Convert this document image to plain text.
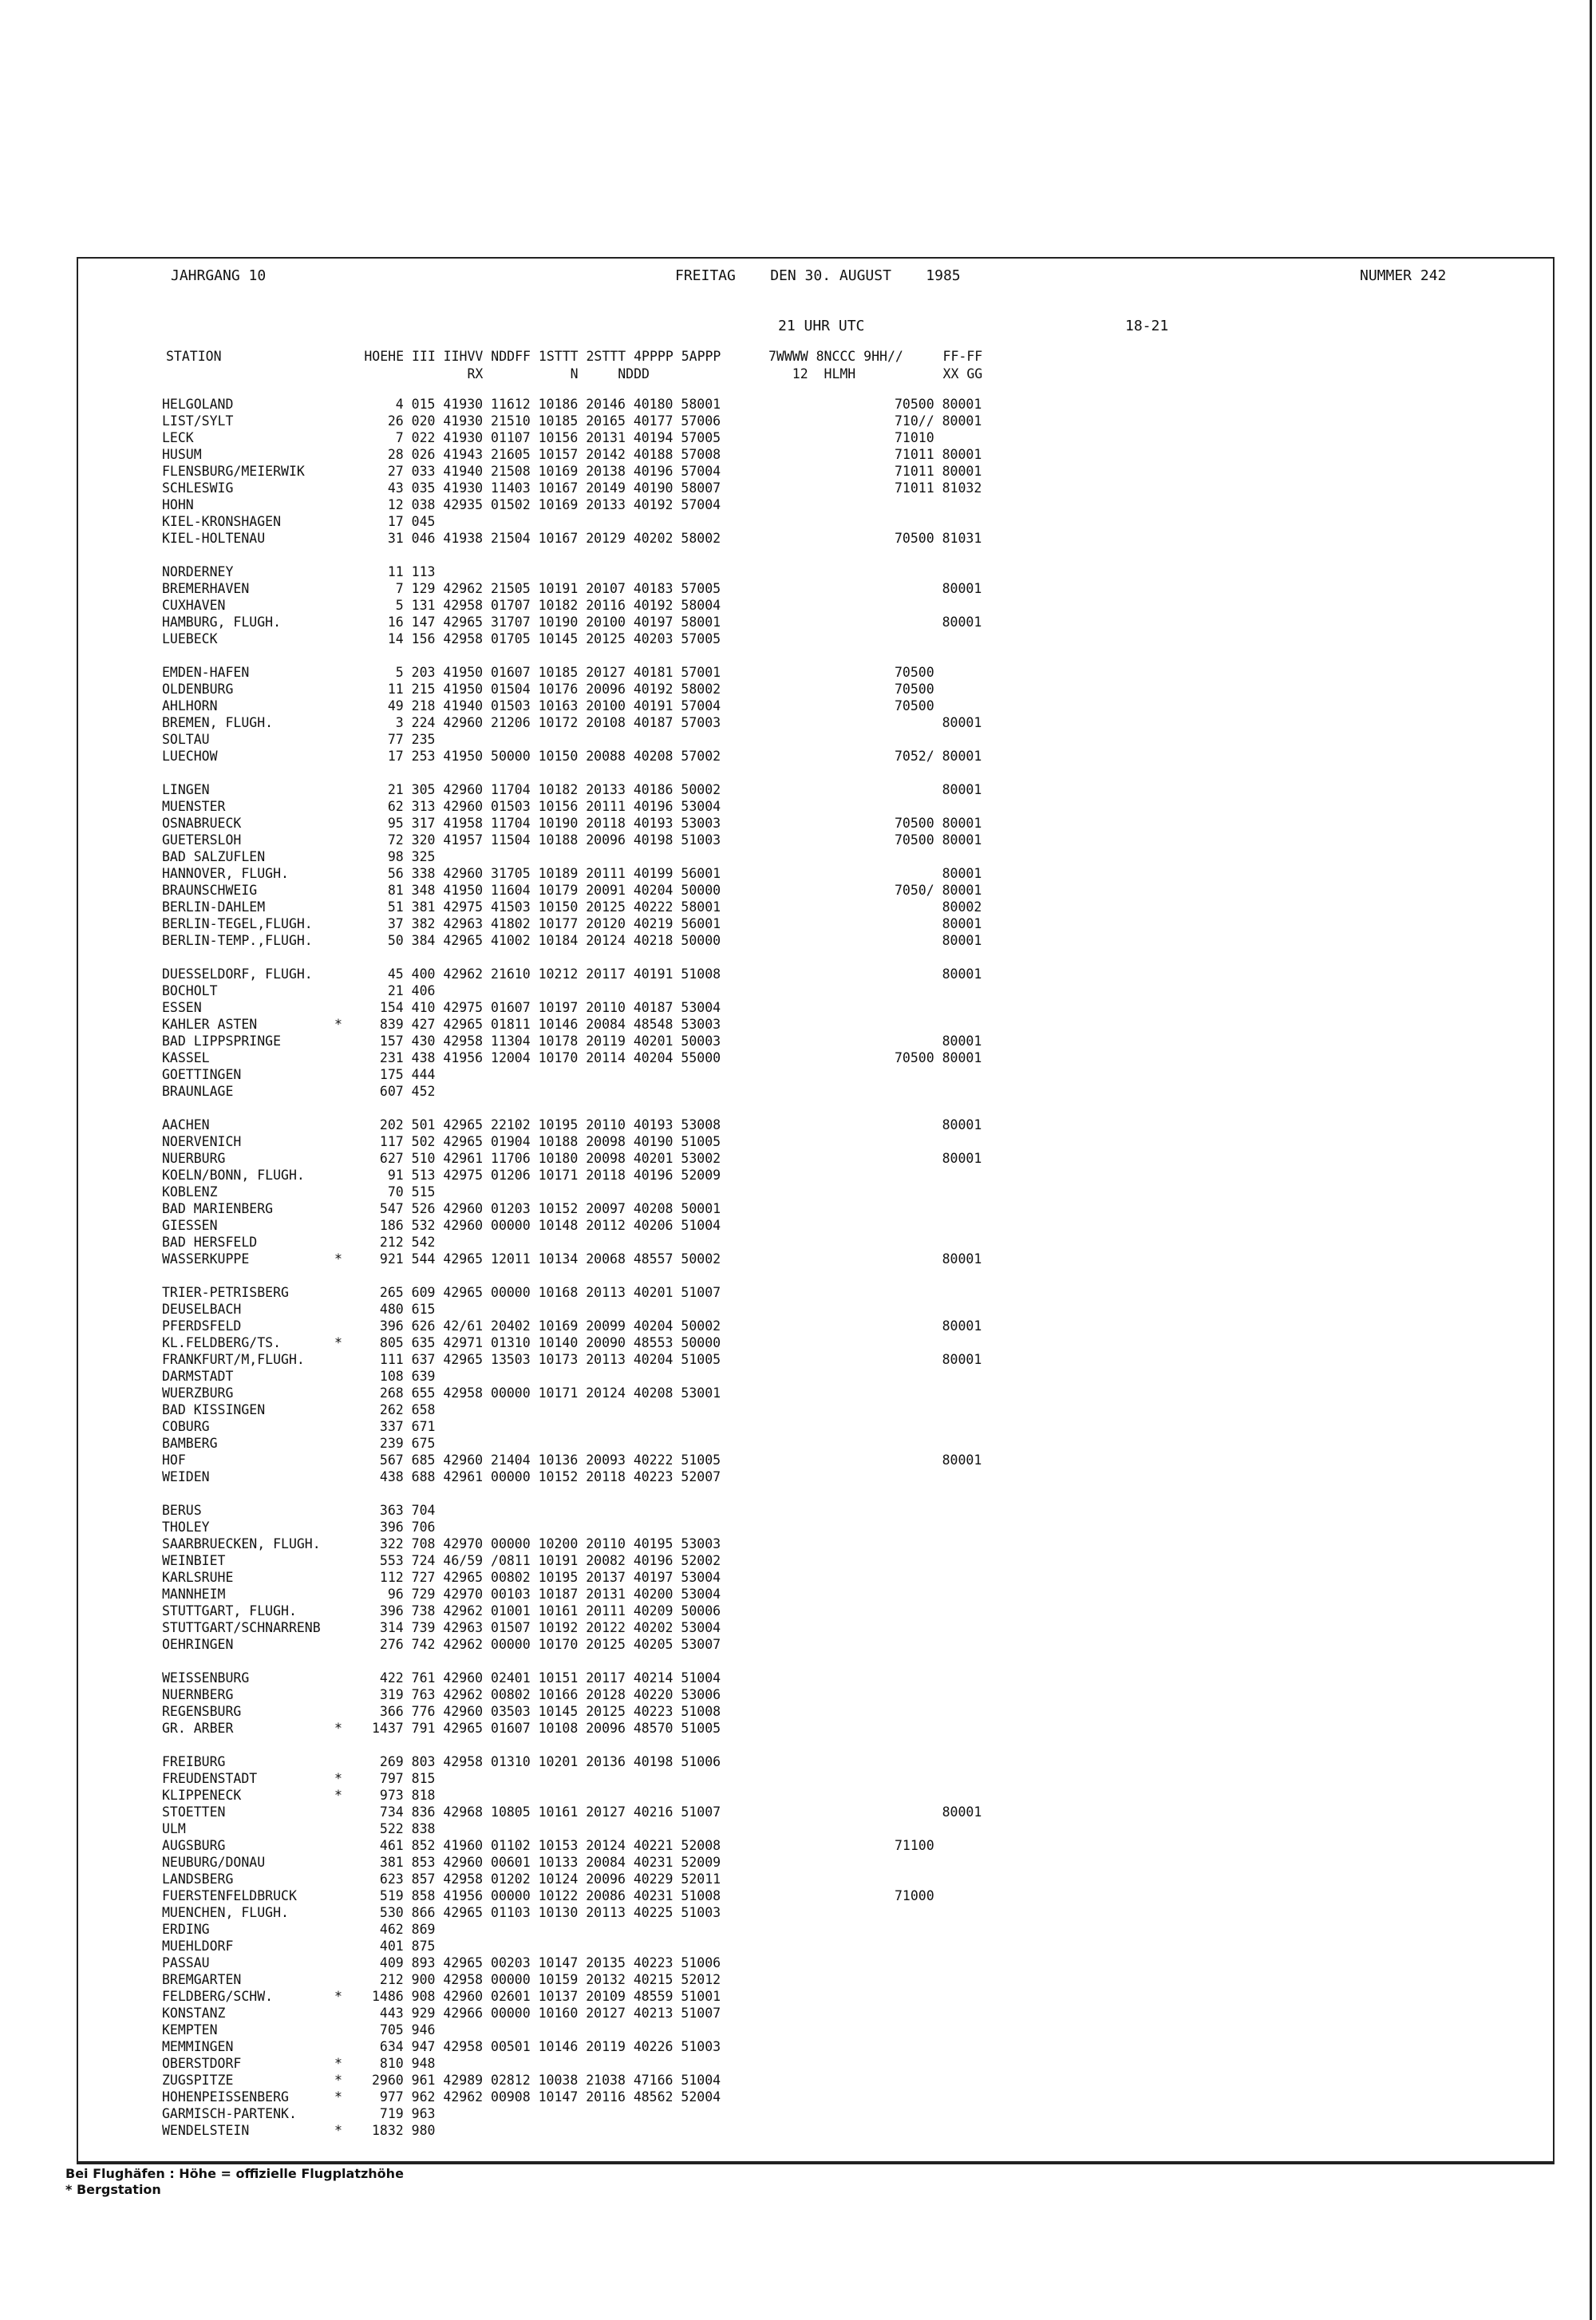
JAHRGANG 10	FREITAG    DEN 30. AUGUST    1985	NUMMER 242
21 UHR UTC	18-21
STATION                  HOEHE III IIHVV NDDFF 1STTT 2STTT 4PPPP 5APPP      7WWWW 8NCCC 9HH//     FF-FF
RX           N     NDDD                  12  HLMH           XX GG
HELGOLAND	4 015 41930 11612 10186 20146 40180 58001	70500 80001
LIST/SYLT	26 020 41930 21510 10185 20165 40177 57006	710// 80001
LECK	7 022 41930 01107 10156 20131 40194 57005	71010
HUSUM	28 026 41943 21605 10157 20142 40188 57008	71011 80001
FLENSBURG/MEIERWIK	27 033 41940 21508 10169 20138 40196 57004	71011 80001
SCHLESWIG	43 035 41930 11403 10167 20149 40190 58007	71011 81032
HOHN	12 038 42935 01502 10169 20133 40192 57004
KIEL-KRONSHAGEN	17 045
KIEL-HOLTENAU	31 046 41938 21504 10167 20129 40202 58002	70500 81031
NORDERNEY	11 113
BREMERHAVEN	7 129 42962 21505 10191 20107 40183 57005	80001
CUXHAVEN	5 131 42958 01707 10182 20116 40192 58004
HAMBURG, FLUGH.	16 147 42965 31707 10190 20100 40197 58001	80001
LUEBECK	14 156 42958 01705 10145 20125 40203 57005
EMDEN-HAFEN	5 203 41950 01607 10185 20127 40181 57001	70500
OLDENBURG	11 215 41950 01504 10176 20096 40192 58002	70500
AHLHORN	49 218 41940 01503 10163 20100 40191 57004	70500
BREMEN, FLUGH.	3 224 42960 21206 10172 20108 40187 57003	80001
SOLTAU	77 235
LUECHOW	17 253 41950 50000 10150 20088 40208 57002	7052/ 80001
LINGEN	21 305 42960 11704 10182 20133 40186 50002	80001
MUENSTER	62 313 42960 01503 10156 20111 40196 53004
OSNABRUECK	95 317 41958 11704 10190 20118 40193 53003	70500 80001
GUETERSLOH	72 320 41957 11504 10188 20096 40198 51003	70500 80001
BAD SALZUFLEN	98 325
HANNOVER, FLUGH.	56 338 42960 31705 10189 20111 40199 56001	80001
BRAUNSCHWEIG	81 348 41950 11604 10179 20091 40204 50000	7050/ 80001
BERLIN-DAHLEM	51 381 42975 41503 10150 20125 40222 58001	80002
BERLIN-TEGEL,FLUGH.	37 382 42963 41802 10177 20120 40219 56001	80001
BERLIN-TEMP.,FLUGH.	50 384 42965 41002 10184 20124 40218 50000	80001
DUESSELDORF, FLUGH.	45 400 42962 21610 10212 20117 40191 51008	80001
BOCHOLT	21 406
ESSEN	154 410 42975 01607 10197 20110 40187 53004
KAHLER ASTEN	* 839 427 42965 01811 10146 20084 48548 53003
BAD LIPPSPRINGE	157 430 42958 11304 10178 20119 40201 50003	80001
KASSEL	231 438 41956 12004 10170 20114 40204 55000	70500 80001
GOETTINGEN	175 444
BRAUNLAGE	607 452
AACHEN	202 501 42965 22102 10195 20110 40193 53008	80001
NOERVENICH	117 502 42965 01904 10188 20098 40190 51005
NUERBURG	627 510 42961 11706 10180 20098 40201 53002	80001
KOELN/BONN, FLUGH.	91 513 42975 01206 10171 20118 40196 52009
KOBLENZ	70 515
BAD MARIENBERG	547 526 42960 01203 10152 20097 40208 50001
GIESSEN	186 532 42960 00000 10148 20112 40206 51004
BAD HERSFELD	212 542
WASSERKUPPE	* 921 544 42965 12011 10134 20068 48557 50002	80001
TRIER-PETRISBERG	265 609 42965 00000 10168 20113 40201 51007
DEUSELBACH	480 615
PFERDSFELD	396 626 42/61 20402 10169 20099 40204 50002	80001
KL.FELDBERG/TS.	* 805 635 42971 01310 10140 20090 48553 50000
FRANKFURT/M,FLUGH.	111 637 42965 13503 10173 20113 40204 51005	80001
DARMSTADT	108 639
WUERZBURG	268 655 42958 00000 10171 20124 40208 53001
BAD KISSINGEN	262 658
COBURG	337 671
BAMBERG	239 675
HOF	567 685 42960 21404 10136 20093 40222 51005	80001
WEIDEN	438 688 42961 00000 10152 20118 40223 52007
BERUS	363 704
THOLEY	396 706
SAARBRUECKEN, FLUGH.	322 708 42970 00000 10200 20110 40195 53003
WEINBIET	553 724 46/59 /0811 10191 20082 40196 52002
KARLSRUHE	112 727 42965 00802 10195 20137 40197 53004
MANNHEIM	96 729 42970 00103 10187 20131 40200 53004
STUTTGART, FLUGH.	396 738 42962 01001 10161 20111 40209 50006
STUTTGART/SCHNARRENB	314 739 42963 01507 10192 20122 40202 53004
OEHRINGEN	276 742 42962 00000 10170 20125 40205 53007
WEISSENBURG	422 761 42960 02401 10151 20117 40214 51004
NUERNBERG	319 763 42962 00802 10166 20128 40220 53006
REGENSBURG	366 776 42960 03503 10145 20125 40223 51008
GR. ARBER	* 1437 791 42965 01607 10108 20096 48570 51005
FREIBURG	269 803 42958 01310 10201 20136 40198 51006
FREUDENSTADT	* 797 815
KLIPPENECK	* 973 818
STOETTEN	734 836 42968 10805 10161 20127 40216 51007	80001
ULM	522 838
AUGSBURG	461 852 41960 01102 10153 20124 40221 52008	71100
NEUBURG/DONAU	381 853 42960 00601 10133 20084 40231 52009
LANDSBERG	623 857 42958 01202 10124 20096 40229 52011
FUERSTENFELDBRUCK	519 858 41956 00000 10122 20086 40231 51008	71000
MUENCHEN, FLUGH.	530 866 42965 01103 10130 20113 40225 51003
ERDING	462 869
MUEHLDORF	401 875
PASSAU	409 893 42965 00203 10147 20135 40223 51006
BREMGARTEN	212 900 42958 00000 10159 20132 40215 52012
FELDBERG/SCHW.	* 1486 908 42960 02601 10137 20109 48559 51001
KONSTANZ	443 929 42966 00000 10160 20127 40213 51007
KEMPTEN	705 946
MEMMINGEN	634 947 42958 00501 10146 20119 40226 51003
OBERSTDORF	* 810 948
ZUGSPITZE	* 2960 961 42989 02812 10038 21038 47166 51004
HOHENPEISSENBERG	* 977 962 42962 00908 10147 20116 48562 52004
GARMISCH-PARTENK.	719 963
WENDELSTEIN	* 1832 980
Bei Flughäfen : Höhe = offizielle Flugplatzhöhe
* Bergstation
